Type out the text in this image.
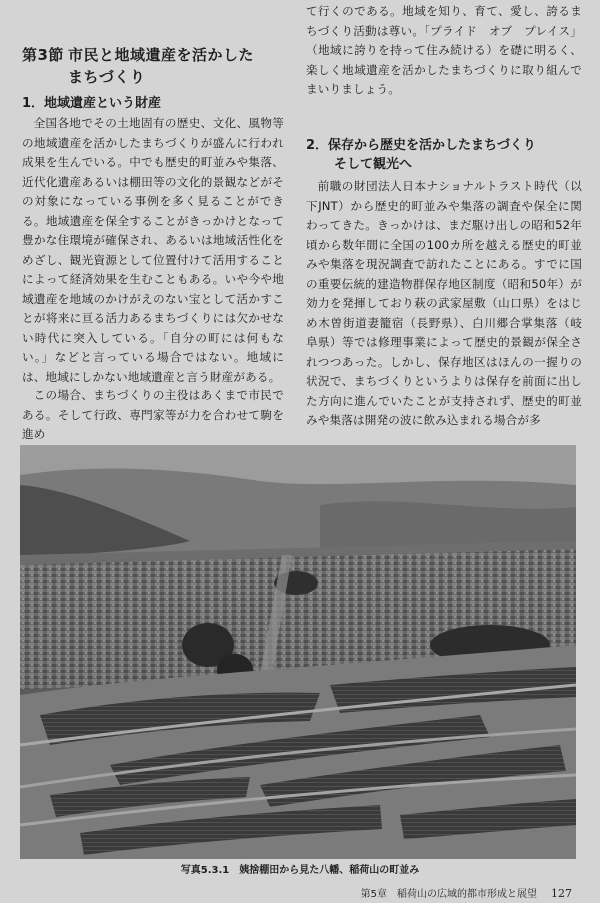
第3節 市民と地域遺産を活かした
まちづくり
1．地域遺産という財産

全国各地でその土地固有の歴史、文化、風物等の地域遺産を活かしたまちづくりが盛んに行われ成果を生んでいる。中でも歴史的町並みや集落、近代化遺産あるいは棚田等の文化的景観などがその対象になっている事例を多く見ることができる。地域遺産を保全することがきっかけとなって豊かな住環境が確保され、あるいは地域活性化をめざし、観光資源として位置付けて活用することによって経済効果を生むこともある。いや今や地域遺産を地域のかけがえのない宝として活かすことが将来に亘る活力あるまちづくりには欠かせない時代に突入している。「自分の町には何もない。」などと言っている場合ではない。地域には、地域にしかない地域遺産と言う財産がある。

この場合、まちづくりの主役はあくまで市民である。そして行政、専門家等が力を合わせて駒を進め

て行くのである。地域を知り、育て、愛し、誇るまちづくり活動は尊い。「プライド　オブ　プレイス」（地域に誇りを持って住み続ける）を礎に明るく、楽しく地域遺産を活かしたまちづくりに取り組んでまいりましょう。

2．保存から歴史を活かしたまちづくり
そして観光へ

前職の財団法人日本ナショナルトラスト時代（以下JNT）から歴史的町並みや集落の調査や保全に関わってきた。きっかけは、まだ駆け出しの昭和52年頃から数年間に全国の100カ所を越える歴史的町並みや集落を現況調査で訪れたことにある。すでに国の重要伝統的建造物群保存地区制度（昭和50年）が効力を発揮しており萩の武家屋敷（山口県）をはじめ木曽街道妻籠宿（長野県）、白川郷合掌集落（岐阜県）等では修理事業によって歴史的景観が保全されつつあった。しかし、保存地区はほんの一握りの状況で、まちづくりというよりは保存を前面に出した方向に進んでいたことが支持されず、歴史的町並みや集落は開発の波に飲み込まれる場合が多

写真5.3.1　姨捨棚田から見た八幡、稲荷山の町並み
第5章　稲荷山の広域的都市形成と展望 127
